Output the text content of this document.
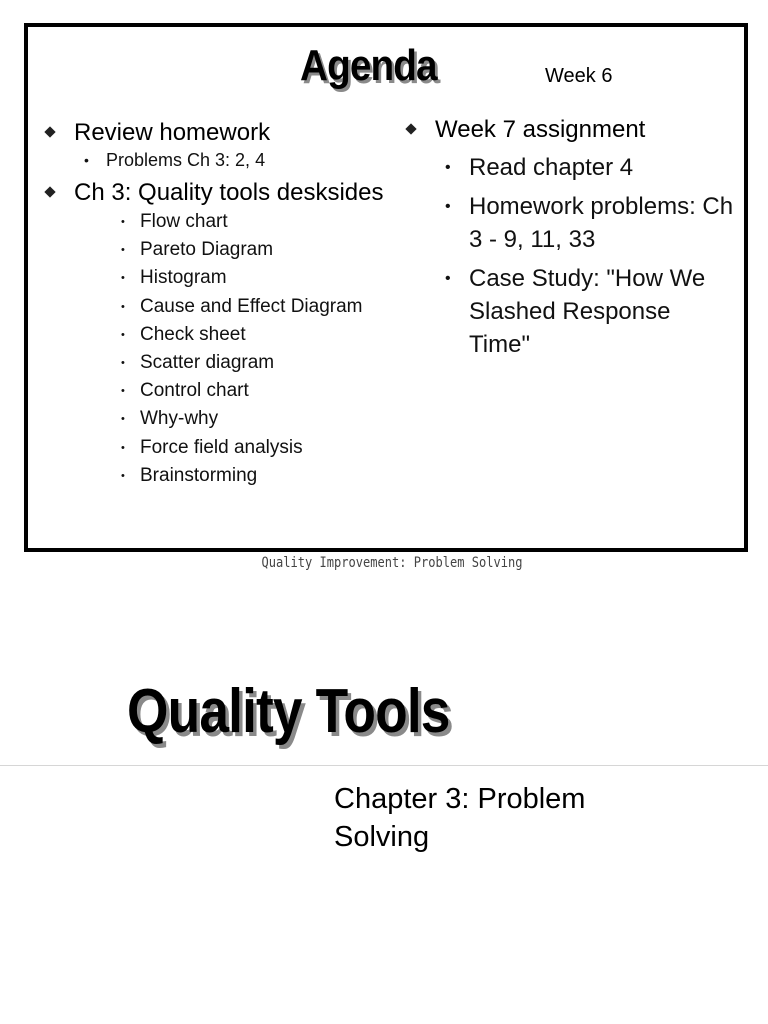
Agenda	Week 6
Review homework
• Problems Ch 3: 2, 4
Ch 3: Quality tools desksides
• Flow chart
• Pareto Diagram
• Histogram
• Cause and Effect Diagram
• Check sheet
• Scatter diagram
• Control chart
• Why-why
• Force field analysis
• Brainstorming
Week 7 assignment
• Read chapter 4
• Homework problems: Ch 3 - 9, 11, 33
• Case Study: "How We Slashed Response Time"
Quality Improvement: Problem Solving
Quality Tools
Chapter 3: Problem Solving
